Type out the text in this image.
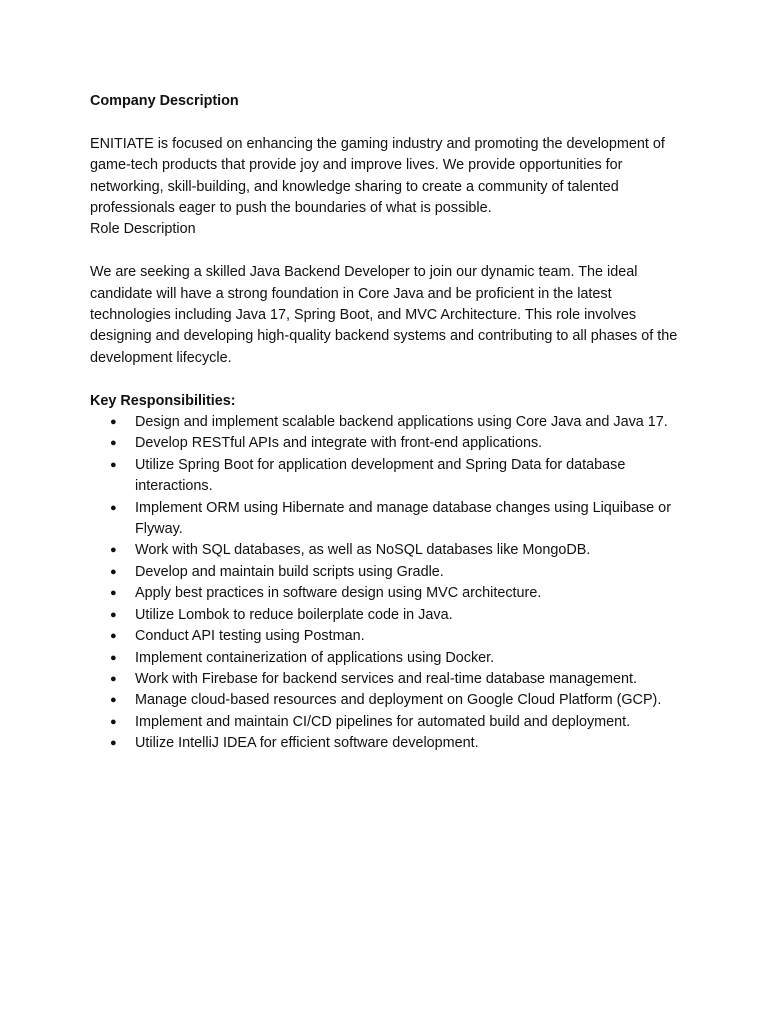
Company Description

ENITIATE is focused on enhancing the gaming industry and promoting the development of game-tech products that provide joy and improve lives. We provide opportunities for networking, skill-building, and knowledge sharing to create a community of talented professionals eager to push the boundaries of what is possible.

Role Description

We are seeking a skilled Java Backend Developer to join our dynamic team. The ideal candidate will have a strong foundation in Core Java and be proficient in the latest technologies including Java 17, Spring Boot, and MVC Architecture. This role involves designing and developing high-quality backend systems and contributing to all phases of the development lifecycle.

Key Responsibilities:

● Design and implement scalable backend applications using Core Java and Java 17.
● Develop RESTful APIs and integrate with front-end applications.
● Utilize Spring Boot for application development and Spring Data for database interactions.
● Implement ORM using Hibernate and manage database changes using Liquibase or Flyway.
● Work with SQL databases, as well as NoSQL databases like MongoDB.
● Develop and maintain build scripts using Gradle.
● Apply best practices in software design using MVC architecture.
● Utilize Lombok to reduce boilerplate code in Java.
● Conduct API testing using Postman.
● Implement containerization of applications using Docker.
● Work with Firebase for backend services and real-time database management.
● Manage cloud-based resources and deployment on Google Cloud Platform (GCP).
● Implement and maintain CI/CD pipelines for automated build and deployment.
● Utilize IntelliJ IDEA for efficient software development.
